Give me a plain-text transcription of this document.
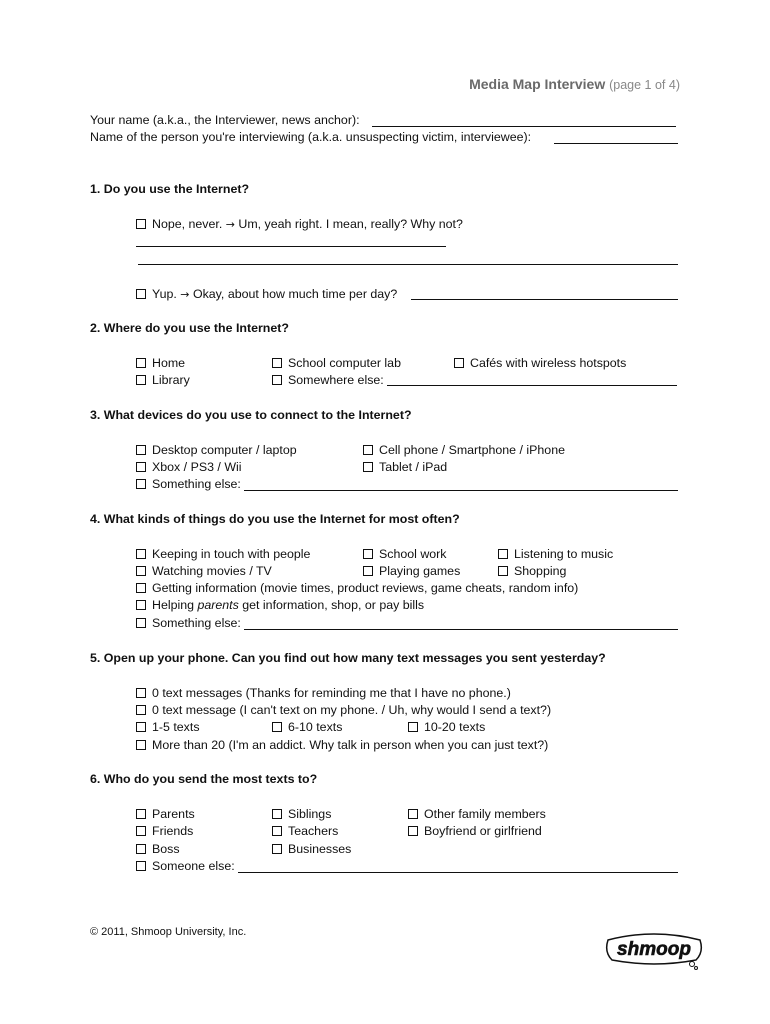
Media Map Interview (page 1 of 4)
Your name (a.k.a., the Interviewer, news anchor):
Name of the person you're interviewing (a.k.a. unsuspecting victim, interviewee):
1. Do you use the Internet?
Nope, never. → Um, yeah right. I mean, really? Why not?
Yup. → Okay, about how much time per day?
2. Where do you use the Internet?
Home	School computer lab	Cafés with wireless hotspots
Library	Somewhere else:
3. What devices do you use to connect to the Internet?
Desktop computer / laptop	Cell phone / Smartphone / iPhone
Xbox / PS3 / Wii	Tablet / iPad
Something else:
4. What kinds of things do you use the Internet for most often?
Keeping in touch with people	School work	Listening to music
Watching movies / TV	Playing games	Shopping
Getting information (movie times, product reviews, game cheats, random info)
Helping parents get information, shop, or pay bills
Something else:
5. Open up your phone. Can you find out how many text messages you sent yesterday?
0 text messages (Thanks for reminding me that I have no phone.)
0 text message (I can't text on my phone. / Uh, why would I send a text?)
1-5 texts	6-10 texts	10-20 texts
More than 20 (I'm an addict. Why talk in person when you can just text?)
6. Who do you send the most texts to?
Parents	Siblings	Other family members
Friends	Teachers	Boyfriend or girlfriend
Boss	Businesses
Someone else:
© 2011, Shmoop University, Inc.
shmoop
